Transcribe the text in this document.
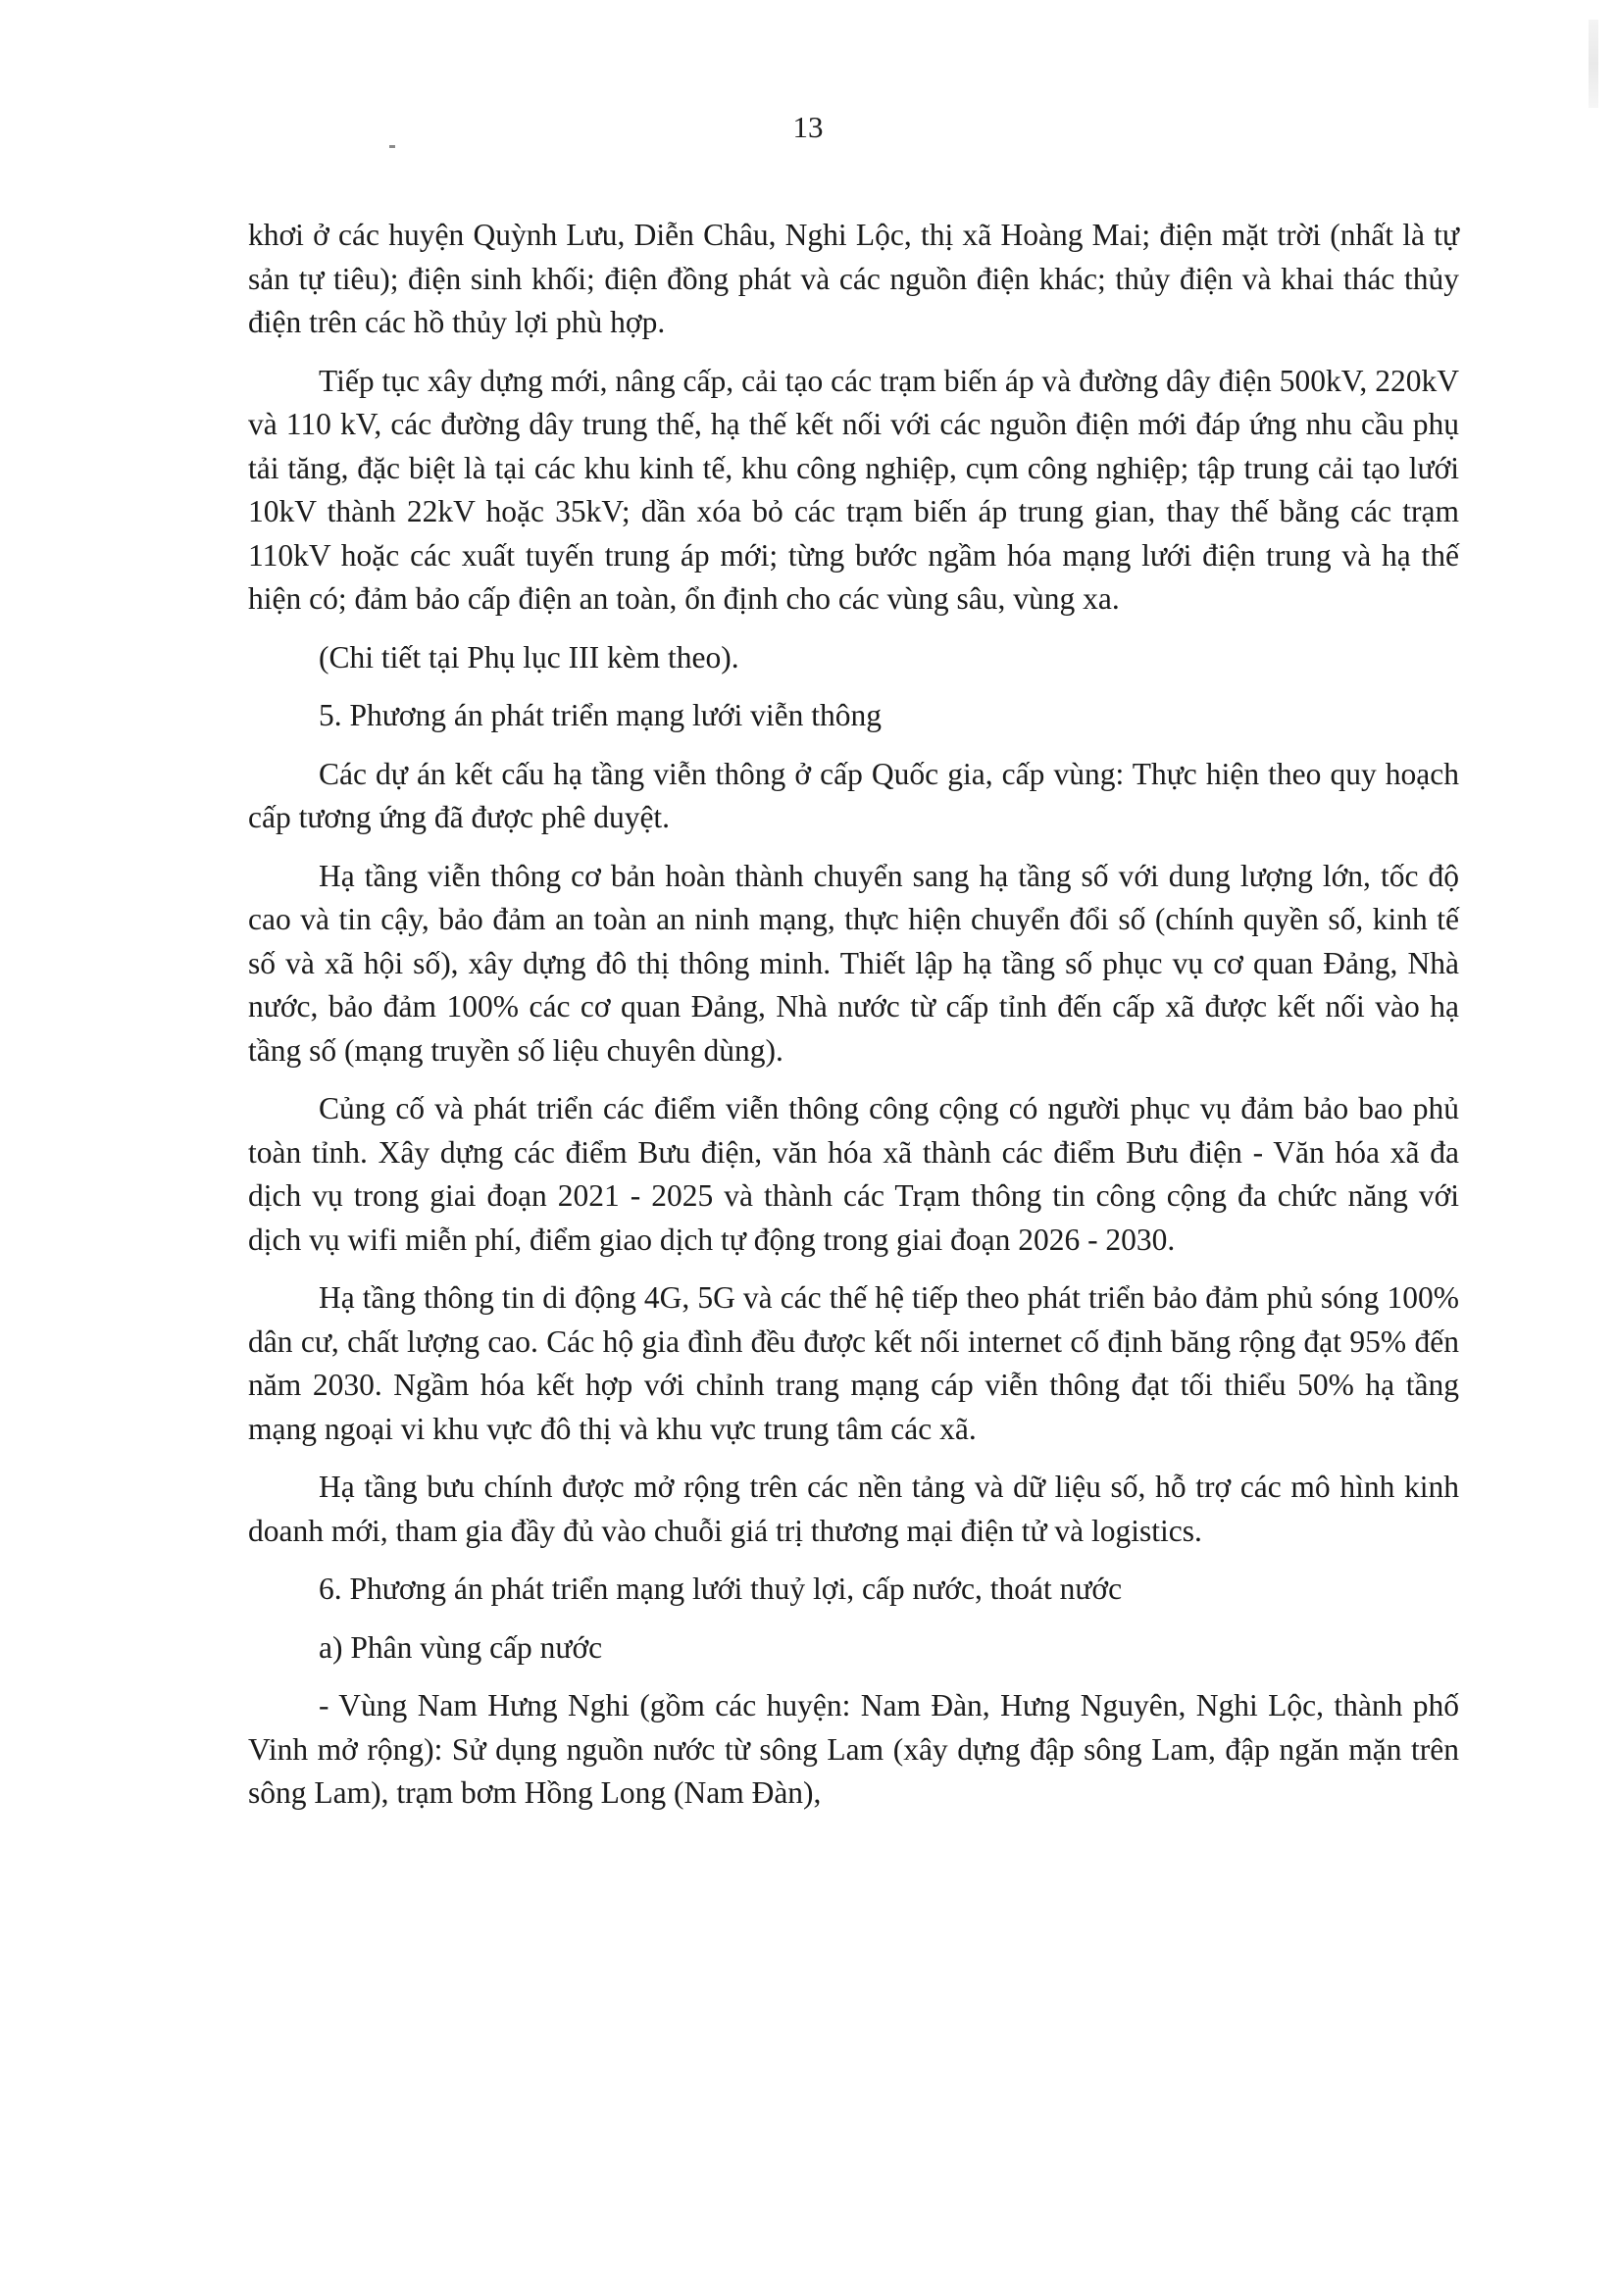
13

khơi ở các huyện Quỳnh Lưu, Diễn Châu, Nghi Lộc, thị xã Hoàng Mai; điện mặt trời (nhất là tự sản tự tiêu); điện sinh khối; điện đồng phát và các nguồn điện khác; thủy điện và khai thác thủy điện trên các hồ thủy lợi phù hợp.

Tiếp tục xây dựng mới, nâng cấp, cải tạo các trạm biến áp và đường dây điện 500kV, 220kV và 110 kV, các đường dây trung thế, hạ thế kết nối với các nguồn điện mới đáp ứng nhu cầu phụ tải tăng, đặc biệt là tại các khu kinh tế, khu công nghiệp, cụm công nghiệp; tập trung cải tạo lưới 10kV thành 22kV hoặc 35kV; dần xóa bỏ các trạm biến áp trung gian, thay thế bằng các trạm 110kV hoặc các xuất tuyến trung áp mới; từng bước ngầm hóa mạng lưới điện trung và hạ thế hiện có; đảm bảo cấp điện an toàn, ổn định cho các vùng sâu, vùng xa.

(Chi tiết tại Phụ lục III kèm theo).

5. Phương án phát triển mạng lưới viễn thông

Các dự án kết cấu hạ tầng viễn thông ở cấp Quốc gia, cấp vùng: Thực hiện theo quy hoạch cấp tương ứng đã được phê duyệt.

Hạ tầng viễn thông cơ bản hoàn thành chuyển sang hạ tầng số với dung lượng lớn, tốc độ cao và tin cậy, bảo đảm an toàn an ninh mạng, thực hiện chuyển đổi số (chính quyền số, kinh tế số và xã hội số), xây dựng đô thị thông minh. Thiết lập hạ tầng số phục vụ cơ quan Đảng, Nhà nước, bảo đảm 100% các cơ quan Đảng, Nhà nước từ cấp tỉnh đến cấp xã được kết nối vào hạ tầng số (mạng truyền số liệu chuyên dùng).

Củng cố và phát triển các điểm viễn thông công cộng có người phục vụ đảm bảo bao phủ toàn tỉnh. Xây dựng các điểm Bưu điện, văn hóa xã thành các điểm Bưu điện - Văn hóa xã đa dịch vụ trong giai đoạn 2021 - 2025 và thành các Trạm thông tin công cộng đa chức năng với dịch vụ wifi miễn phí, điểm giao dịch tự động trong giai đoạn 2026 - 2030.

Hạ tầng thông tin di động 4G, 5G và các thế hệ tiếp theo phát triển bảo đảm phủ sóng 100% dân cư, chất lượng cao. Các hộ gia đình đều được kết nối internet cố định băng rộng đạt 95% đến năm 2030. Ngầm hóa kết hợp với chỉnh trang mạng cáp viễn thông đạt tối thiểu 50% hạ tầng mạng ngoại vi khu vực đô thị và khu vực trung tâm các xã.

Hạ tầng bưu chính được mở rộng trên các nền tảng và dữ liệu số, hỗ trợ các mô hình kinh doanh mới, tham gia đầy đủ vào chuỗi giá trị thương mại điện tử và logistics.

6. Phương án phát triển mạng lưới thuỷ lợi, cấp nước, thoát nước

a) Phân vùng cấp nước

- Vùng Nam Hưng Nghi (gồm các huyện: Nam Đàn, Hưng Nguyên, Nghi Lộc, thành phố Vinh mở rộng): Sử dụng nguồn nước từ sông Lam (xây dựng đập sông Lam, đập ngăn mặn trên sông Lam), trạm bơm Hồng Long (Nam Đàn),
